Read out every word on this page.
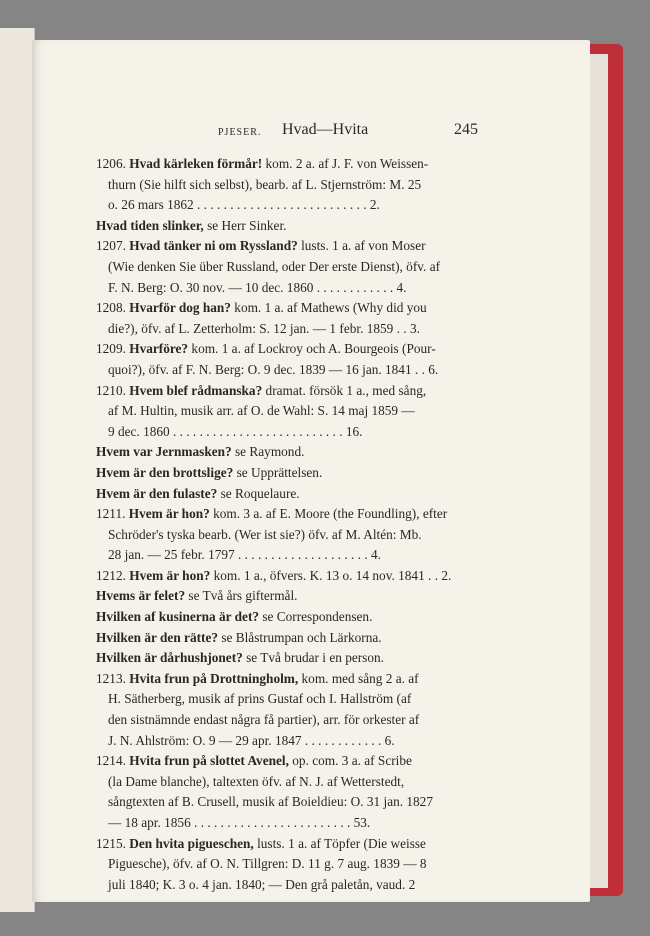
PJESER. Hvad—Hvita	245
1206. Hvad kärleken förmår! kom. 2 a. af J. F. von Weissen-
thurn (Sie hilft sich selbst), bearb. af L. Stjernström: M. 25
o. 26 mars 1862 . . . . . . . . . . . . . . . . . . . . . . . . . . 2.
Hvad tiden slinker, se Herr Sinker.
1207. Hvad tänker ni om Ryssland? lusts. 1 a. af von Moser
(Wie denken Sie über Russland, oder Der erste Dienst), öfv. af
F. N. Berg: O. 30 nov. — 10 dec. 1860 . . . . . . . . . . . . 4.
1208. Hvarför dog han? kom. 1 a. af Mathews (Why did you
die?), öfv. af L. Zetterholm: S. 12 jan. — 1 febr. 1859 . . 3.
1209. Hvarföre? kom. 1 a. af Lockroy och A. Bourgeois (Pour-
quoi?), öfv. af F. N. Berg: O. 9 dec. 1839 — 16 jan. 1841 . . 6.
1210. Hvem blef rådmanska? dramat. försök 1 a., med sång,
af M. Hultin, musik arr. af O. de Wahl: S. 14 maj 1859 —
9 dec. 1860 . . . . . . . . . . . . . . . . . . . . . . . . . . 16.
Hvem var Jernmasken? se Raymond.
Hvem är den brottslige? se Upprättelsen.
Hvem är den fulaste? se Roquelaure.
1211. Hvem är hon? kom. 3 a. af E. Moore (the Foundling), efter
Schröder's tyska bearb. (Wer ist sie?) öfv. af M. Altén: Mb.
28 jan. — 25 febr. 1797 . . . . . . . . . . . . . . . . . . . . 4.
1212. Hvem är hon? kom. 1 a., öfvers. K. 13 o. 14 nov. 1841 . . 2.
Hvems är felet? se Två års giftermål.
Hvilken af kusinerna är det? se Correspondensen.
Hvilken är den rätte? se Blåstrumpan och Lärkorna.
Hvilken är dårhushjonet? se Två brudar i en person.
1213. Hvita frun på Drottningholm, kom. med sång 2 a. af
H. Sätherberg, musik af prins Gustaf och I. Hallström (af
den sistnämnde endast några få partier), arr. för orkester af
J. N. Ahlström: O. 9 — 29 apr. 1847 . . . . . . . . . . . . 6.
1214. Hvita frun på slottet Avenel, op. com. 3 a. af Scribe
(la Dame blanche), taltexten öfv. af N. J. af Wetterstedt,
sångtexten af B. Crusell, musik af Boieldieu: O. 31 jan. 1827
— 18 apr. 1856 . . . . . . . . . . . . . . . . . . . . . . . . 53.
1215. Den hvita pigueschen, lusts. 1 a. af Töpfer (Die weisse
Piguesche), öfv. af O. N. Tillgren: D. 11 g. 7 aug. 1839 — 8
juli 1840; K. 3 o. 4 jan. 1840; — Den grå paletån, vaud. 2
